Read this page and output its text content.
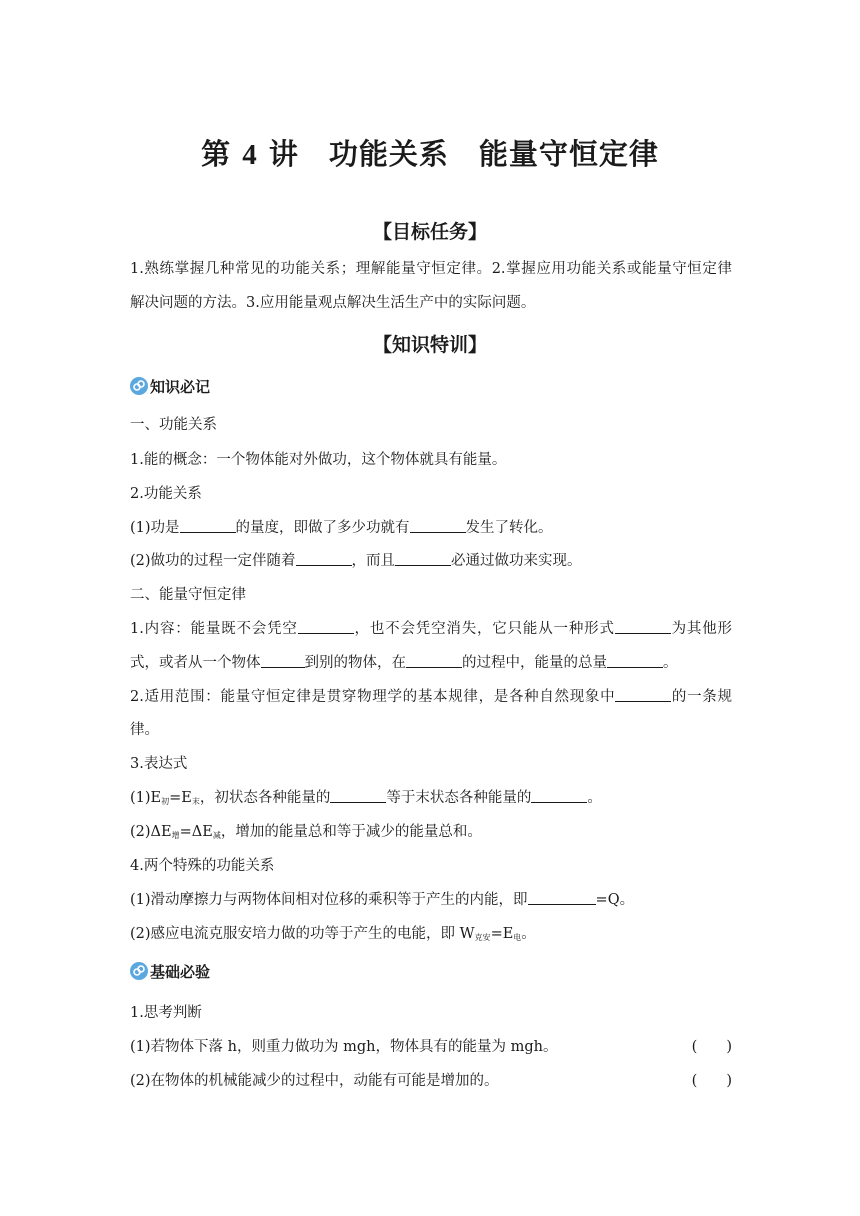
第 4 讲　功能关系　能量守恒定律
【目标任务】
1.熟练掌握几种常见的功能关系；理解能量守恒定律。2.掌握应用功能关系或能量守恒定律
解决问题的方法。3.应用能量观点解决生活生产中的实际问题。
【知识特训】
知识必记
一、功能关系
1.能的概念：一个物体能对外做功，这个物体就具有能量。
2.功能关系
(1)功是	的量度，即做了多少功就有	发生了转化。
(2)做功的过程一定伴随着	，而且	必通过做功来实现。
二、能量守恒定律
1.内容：能量既不会凭空	，也不会凭空消失，它只能从一种形式	为其他形
式，或者从一个物体	到别的物体，在	的过程中，能量的总量	。
2.适用范围：能量守恒定律是贯穿物理学的基本规律，是各种自然现象中	的一条规
律。
3.表达式
$(1)E_初=E_末$，初状态各种能量的	等于末状态各种能量的	。
$(2)\Delta E_增=\Delta E_减$，增加的能量总和等于减少的能量总和。
4.两个特殊的功能关系
(1)滑动摩擦力与两物体间相对位移的乘积等于产生的内能，即	=Q。
(2)感应电流克服安培力做的功等于产生的电能，即 $W_{克安}=E_电$。
基础必验
1.思考判断
(1)若物体下落 h，则重力做功为 mgh，物体具有的能量为 mgh。	(　　)
(2)在物体的机械能减少的过程中，动能有可能是增加的。	(　　)
